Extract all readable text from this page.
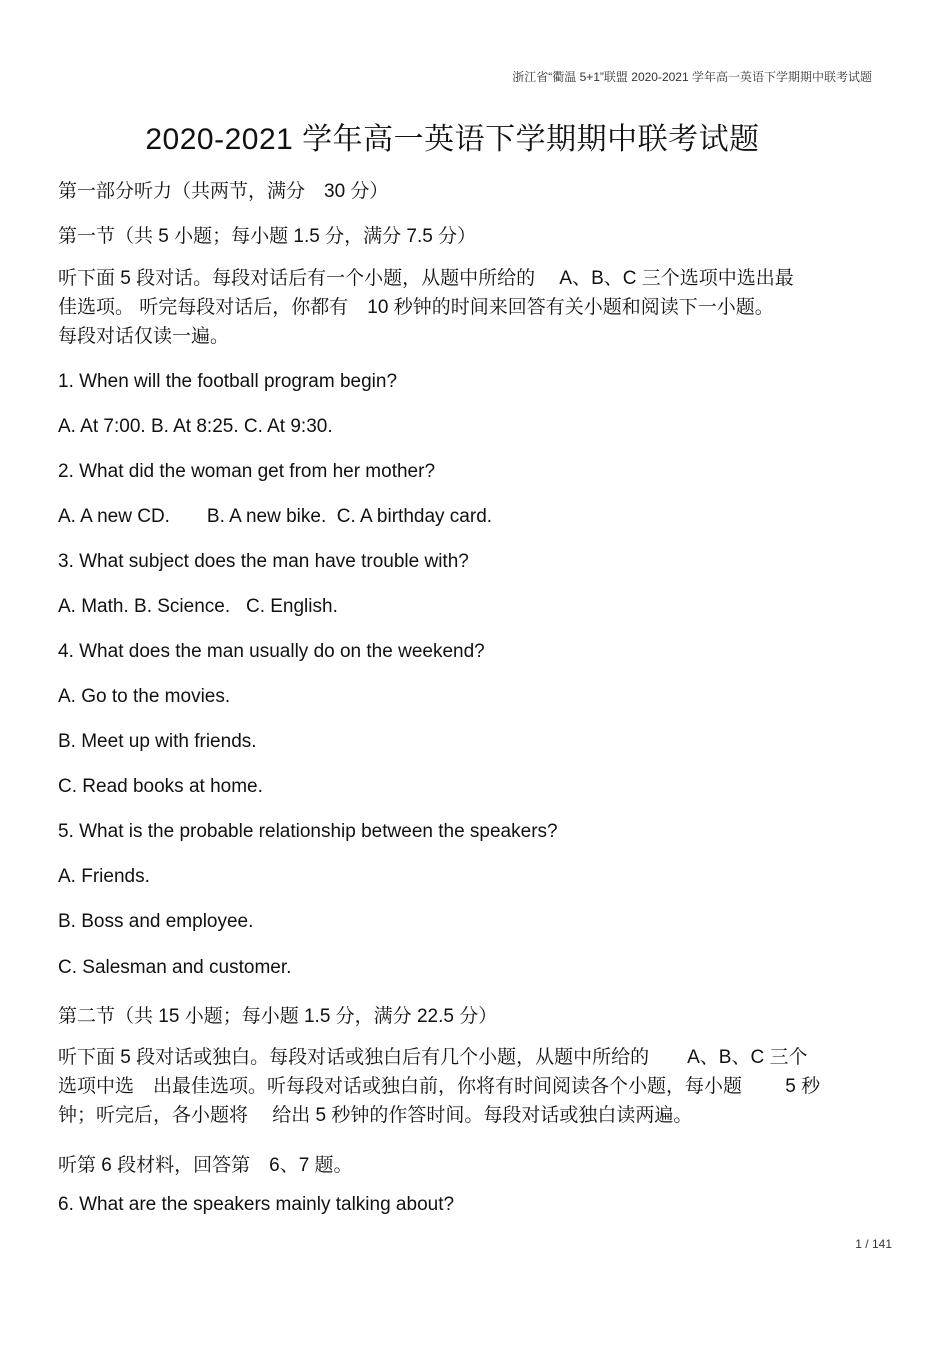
浙江省“衢温 5+1”联盟 2020-2021 学年高一英语下学期期中联考试题
2020-2021 学年高一英语下学期期中联考试题
第一部分听力（共两节，满分　30 分）
第一节（共 5 小题；每小题 1.5 分，满分 7.5 分）
听下面 5 段对话。每段对话后有一个小题，从题中所给的　 A、B、C 三个选项中选出最
佳选项。 听完每段对话后，你都有　10 秒钟的时间来回答有关小题和阅读下一小题。
每段对话仅读一遍。
1. When will the football program begin?
A. At 7:00. B. At 8:25. C. At 9:30.
2. What did the woman get from her mother?
A. A new CD.       B. A new bike.  C. A birthday card.
3. What subject does the man have trouble with?
A. Math. B. Science.   C. English.
4. What does the man usually do on the weekend?
A. Go to the movies.
B. Meet up with friends.
C. Read books at home.
5. What is the probable relationship between the speakers?
A. Friends.
B. Boss and employee.
C. Salesman and customer.
第二节（共 15 小题；每小题 1.5 分，满分 22.5 分）
听下面 5 段对话或独白。每段对话或独白后有几个小题，从题中所给的　　A、B、C 三个
选项中选　出最佳选项。听每段对话或独白前，你将有时间阅读各个小题，每小题　　 5 秒
钟；听完后，各小题将　 给出 5 秒钟的作答时间。每段对话或独白读两遍。
听第 6 段材料，回答第　6、7 题。
6. What are the speakers mainly talking about?
1 / 141
